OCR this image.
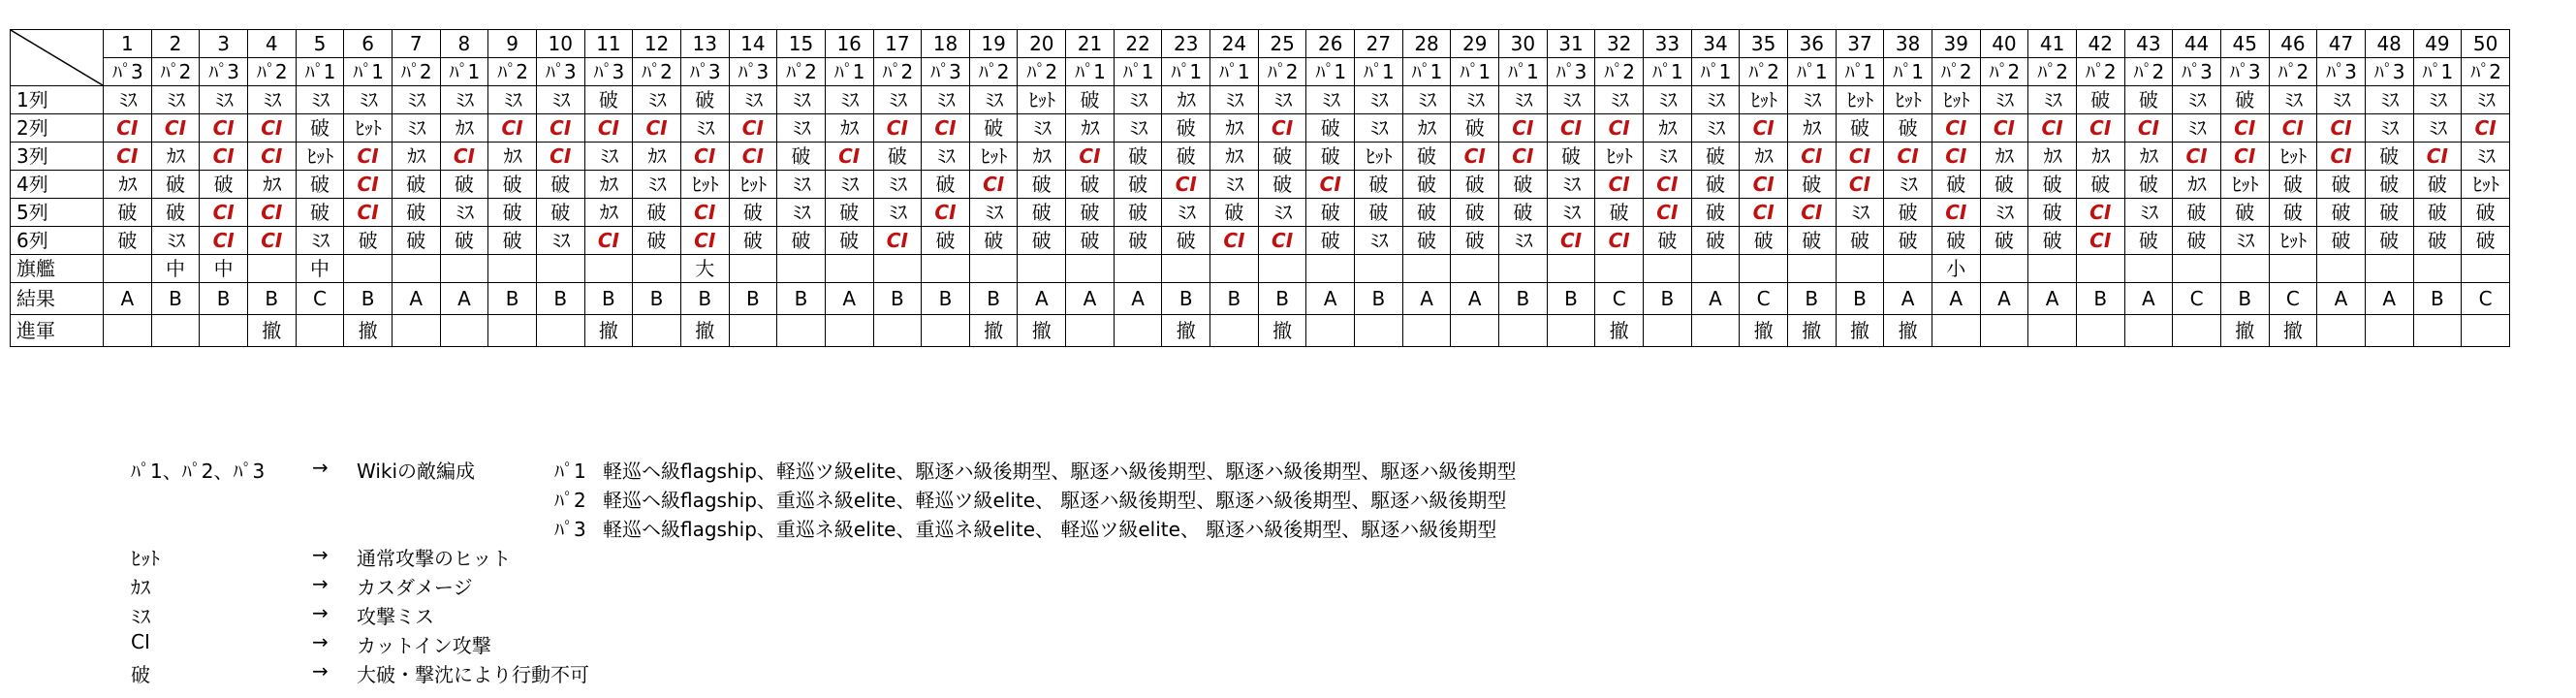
	1	2	3	4	5	6	7	8	9	10	11	12	13	14	15	16	17	18	19	20	21	22	23	24	25	26	27	28	29	30	31	32	33	34	35	36	37	38	39	40	41	42	43	44	45	46	47	48	49	50
	ﾊﾟ3	ﾊﾟ2	ﾊﾟ3	ﾊﾟ2	ﾊﾟ1	ﾊﾟ1	ﾊﾟ2	ﾊﾟ1	ﾊﾟ2	ﾊﾟ3	ﾊﾟ3	ﾊﾟ2	ﾊﾟ3	ﾊﾟ3	ﾊﾟ2	ﾊﾟ1	ﾊﾟ2	ﾊﾟ3	ﾊﾟ2	ﾊﾟ2	ﾊﾟ1	ﾊﾟ1	ﾊﾟ1	ﾊﾟ1	ﾊﾟ2	ﾊﾟ1	ﾊﾟ1	ﾊﾟ1	ﾊﾟ1	ﾊﾟ1	ﾊﾟ3	ﾊﾟ2	ﾊﾟ1	ﾊﾟ1	ﾊﾟ2	ﾊﾟ1	ﾊﾟ1	ﾊﾟ1	ﾊﾟ2	ﾊﾟ2	ﾊﾟ2	ﾊﾟ2	ﾊﾟ2	ﾊﾟ3	ﾊﾟ3	ﾊﾟ2	ﾊﾟ3	ﾊﾟ3	ﾊﾟ1	ﾊﾟ2
1列	ﾐｽ	ﾐｽ	ﾐｽ	ﾐｽ	ﾐｽ	ﾐｽ	ﾐｽ	ﾐｽ	ﾐｽ	ﾐｽ	破	ﾐｽ	破	ﾐｽ	ﾐｽ	ﾐｽ	ﾐｽ	ﾐｽ	ﾐｽ	ﾋｯﾄ	破	ﾐｽ	ｶｽ	ﾐｽ	ﾐｽ	ﾐｽ	ﾐｽ	ﾐｽ	ﾐｽ	ﾐｽ	ﾐｽ	ﾐｽ	ﾐｽ	ﾐｽ	ﾋｯﾄ	ﾐｽ	ﾋｯﾄ	ﾋｯﾄ	ﾋｯﾄ	ﾐｽ	ﾐｽ	破	破	ﾐｽ	破	ﾐｽ	ﾐｽ	ﾐｽ	ﾐｽ	ﾐｽ
2列	CI	CI	CI	CI	破	ﾋｯﾄ	ﾐｽ	ｶｽ	CI	CI	CI	CI	ﾐｽ	CI	ﾐｽ	ｶｽ	CI	CI	破	ﾐｽ	ｶｽ	ﾐｽ	破	ｶｽ	CI	破	ﾐｽ	ｶｽ	破	CI	CI	CI	ｶｽ	ﾐｽ	CI	ｶｽ	破	破	CI	CI	CI	CI	CI	ﾐｽ	CI	CI	CI	ﾐｽ	ﾐｽ	CI
3列	CI	ｶｽ	CI	CI	ﾋｯﾄ	CI	ｶｽ	CI	ｶｽ	CI	ﾐｽ	ｶｽ	CI	CI	破	CI	破	ﾐｽ	ﾋｯﾄ	ｶｽ	CI	破	破	ｶｽ	破	破	ﾋｯﾄ	破	CI	CI	破	ﾋｯﾄ	ﾐｽ	破	ｶｽ	CI	CI	CI	CI	ｶｽ	ｶｽ	ｶｽ	ｶｽ	CI	CI	ﾋｯﾄ	CI	破	CI	ﾐｽ
4列	ｶｽ	破	破	ｶｽ	破	CI	破	破	破	破	ｶｽ	ﾐｽ	ﾋｯﾄ	ﾋｯﾄ	ﾐｽ	ﾐｽ	ﾐｽ	破	CI	破	破	破	CI	ﾐｽ	破	CI	破	破	破	破	ﾐｽ	CI	CI	破	CI	破	CI	ﾐｽ	破	破	破	破	破	ｶｽ	ﾋｯﾄ	破	破	破	破	ﾋｯﾄ
5列	破	破	CI	CI	破	CI	破	ﾐｽ	破	破	ｶｽ	破	CI	破	ﾐｽ	破	ﾐｽ	CI	ﾐｽ	破	破	破	ﾐｽ	破	ﾐｽ	破	破	破	破	破	ﾐｽ	破	CI	破	CI	CI	ﾐｽ	破	CI	ﾐｽ	破	CI	ﾐｽ	破	破	破	破	破	破	破
6列	破	ﾐｽ	CI	CI	ﾐｽ	破	破	破	破	ﾐｽ	CI	破	CI	破	破	破	CI	破	破	破	破	破	破	CI	CI	破	ﾐｽ	破	破	ﾐｽ	CI	CI	破	破	破	破	破	破	破	破	破	CI	破	破	ﾐｽ	ﾋｯﾄ	破	破	破	破
旗艦		中	中		中								大																										小											
結果	A	B	B	B	C	B	A	A	B	B	B	B	B	B	B	A	B	B	B	A	A	A	B	B	B	A	B	A	A	B	B	C	B	A	C	B	B	A	A	A	A	B	A	C	B	C	A	A	B	C
進軍				撤		撤					撤		撤						撤	撤			撤		撤							撤			撤	撤	撤	撤							撤	撤				
ﾊﾟ1、ﾊﾟ2、ﾊﾟ3 → Wikiの敵編成	ﾊﾟ1 軽巡ヘ級flagship、軽巡ツ級elite、駆逐ハ級後期型、駆逐ハ級後期型、駆逐ハ級後期型、駆逐ハ級後期型
ﾊﾟ2 軽巡ヘ級flagship、重巡ネ級elite、軽巡ツ級elite、 駆逐ハ級後期型、駆逐ハ級後期型、駆逐ハ級後期型
ﾊﾟ3 軽巡ヘ級flagship、重巡ネ級elite、重巡ネ級elite、 軽巡ツ級elite、 駆逐ハ級後期型、駆逐ハ級後期型
ﾋｯﾄ	→ 通常攻撃のヒット
ｶｽ	→ カスダメージ
ﾐｽ	→ 攻撃ミス
CI	→ カットイン攻撃
破	→ 大破・撃沈により行動不可
